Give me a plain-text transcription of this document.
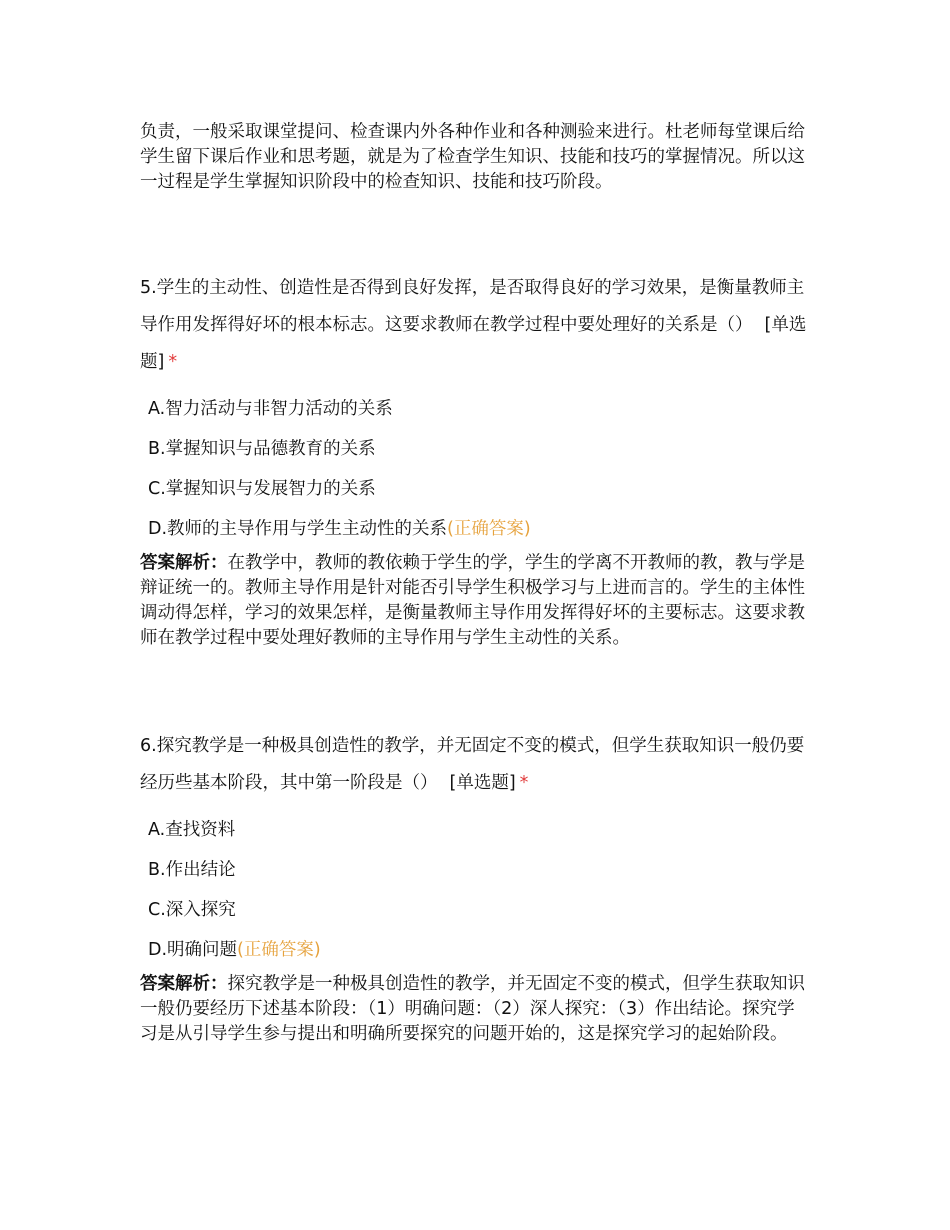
负责，一般采取课堂提问、检查课内外各种作业和各种测验来进行。杜老师每堂课后给学生留下课后作业和思考题，就是为了检查学生知识、技能和技巧的掌握情况。所以这一过程是学生掌握知识阶段中的检查知识、技能和技巧阶段。

5.学生的主动性、创造性是否得到良好发挥，是否取得良好的学习效果，是衡量教师主导作用发挥得好坏的根本标志。这要求教师在教学过程中要处理好的关系是（） [单选题] *

A.智力活动与非智力活动的关系
B.掌握知识与品德教育的关系
C.掌握知识与发展智力的关系
D.教师的主导作用与学生主动性的关系(正确答案)

答案解析：在教学中，教师的教依赖于学生的学，学生的学离不开教师的教，教与学是辩证统一的。教师主导作用是针对能否引导学生积极学习与上进而言的。学生的主体性调动得怎样，学习的效果怎样，是衡量教师主导作用发挥得好坏的主要标志。这要求教师在教学过程中要处理好教师的主导作用与学生主动性的关系。

6.探究教学是一种极具创造性的教学，并无固定不变的模式，但学生获取知识一般仍要经历些基本阶段，其中第一阶段是（） [单选题] *

A.查找资料
B.作出结论
C.深入探究
D.明确问题(正确答案)

答案解析：探究教学是一种极具创造性的教学，并无固定不变的模式，但学生获取知识一般仍要经历下述基本阶段：（1）明确问题：（2）深人探究：（3）作出结论。探究学习是从引导学生参与提出和明确所要探究的问题开始的，这是探究学习的起始阶段。
